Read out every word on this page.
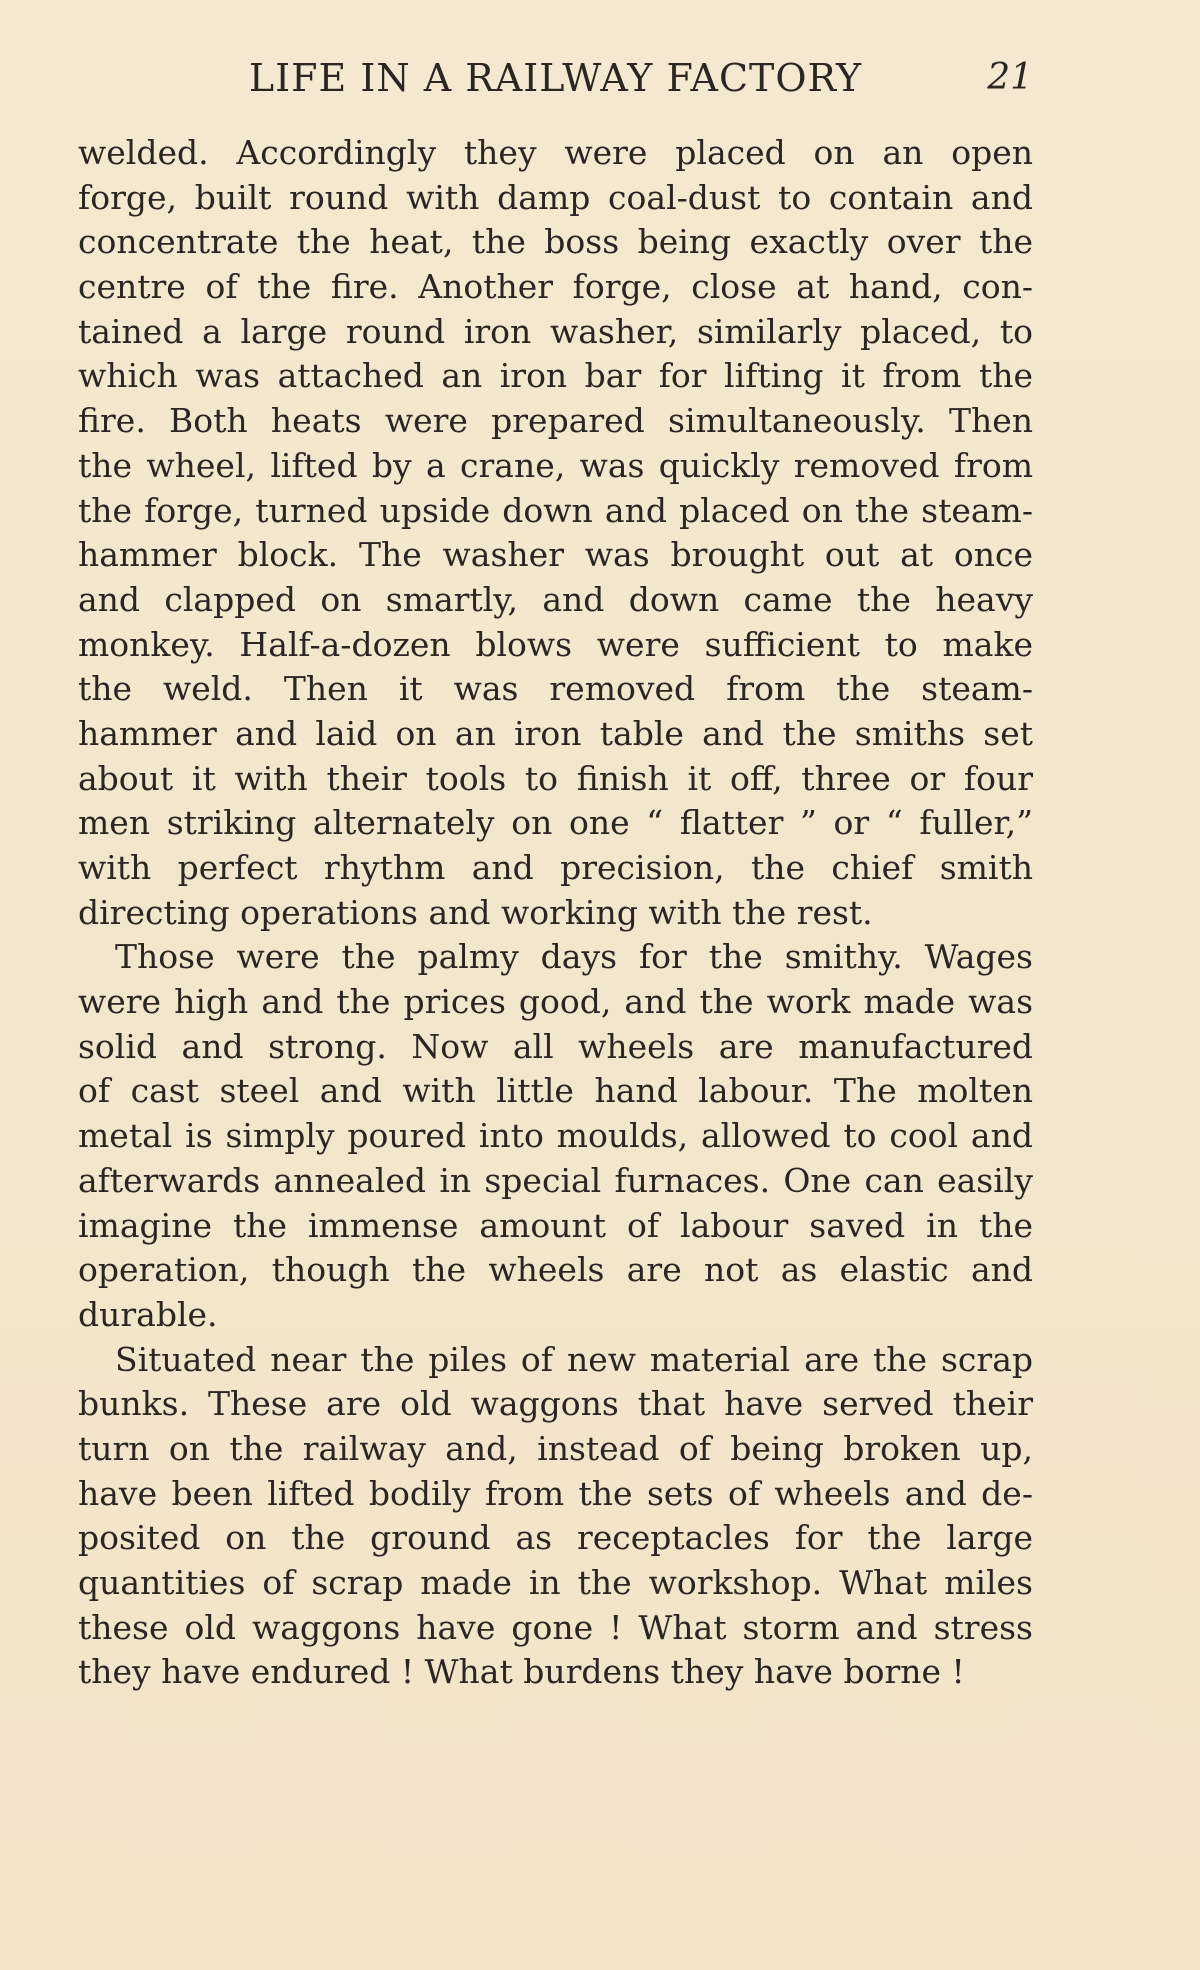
LIFE IN A RAILWAY FACTORY	21

welded. Accordingly they were placed on an open
forge, built round with damp coal-dust to contain and
concentrate the heat, the boss being exactly over the
centre of the fire. Another forge, close at hand, con-
tained a large round iron washer, similarly placed, to
which was attached an iron bar for lifting it from the
fire. Both heats were prepared simultaneously. Then
the wheel, lifted by a crane, was quickly removed from
the forge, turned upside down and placed on the steam-
hammer block. The washer was brought out at once
and clapped on smartly, and down came the heavy
monkey. Half-a-dozen blows were sufficient to make
the weld. Then it was removed from the steam-
hammer and laid on an iron table and the smiths set
about it with their tools to finish it off, three or four
men striking alternately on one “ flatter ” or “ fuller,”
with perfect rhythm and precision, the chief smith
directing operations and working with the rest.

Those were the palmy days for the smithy. Wages
were high and the prices good, and the work made was
solid and strong. Now all wheels are manufactured
of cast steel and with little hand labour. The molten
metal is simply poured into moulds, allowed to cool and
afterwards annealed in special furnaces. One can easily
imagine the immense amount of labour saved in the
operation, though the wheels are not as elastic and
durable.

Situated near the piles of new material are the scrap
bunks. These are old waggons that have served their
turn on the railway and, instead of being broken up,
have been lifted bodily from the sets of wheels and de-
posited on the ground as receptacles for the large
quantities of scrap made in the workshop. What miles
these old waggons have gone ! What storm and stress
they have endured ! What burdens they have borne !
